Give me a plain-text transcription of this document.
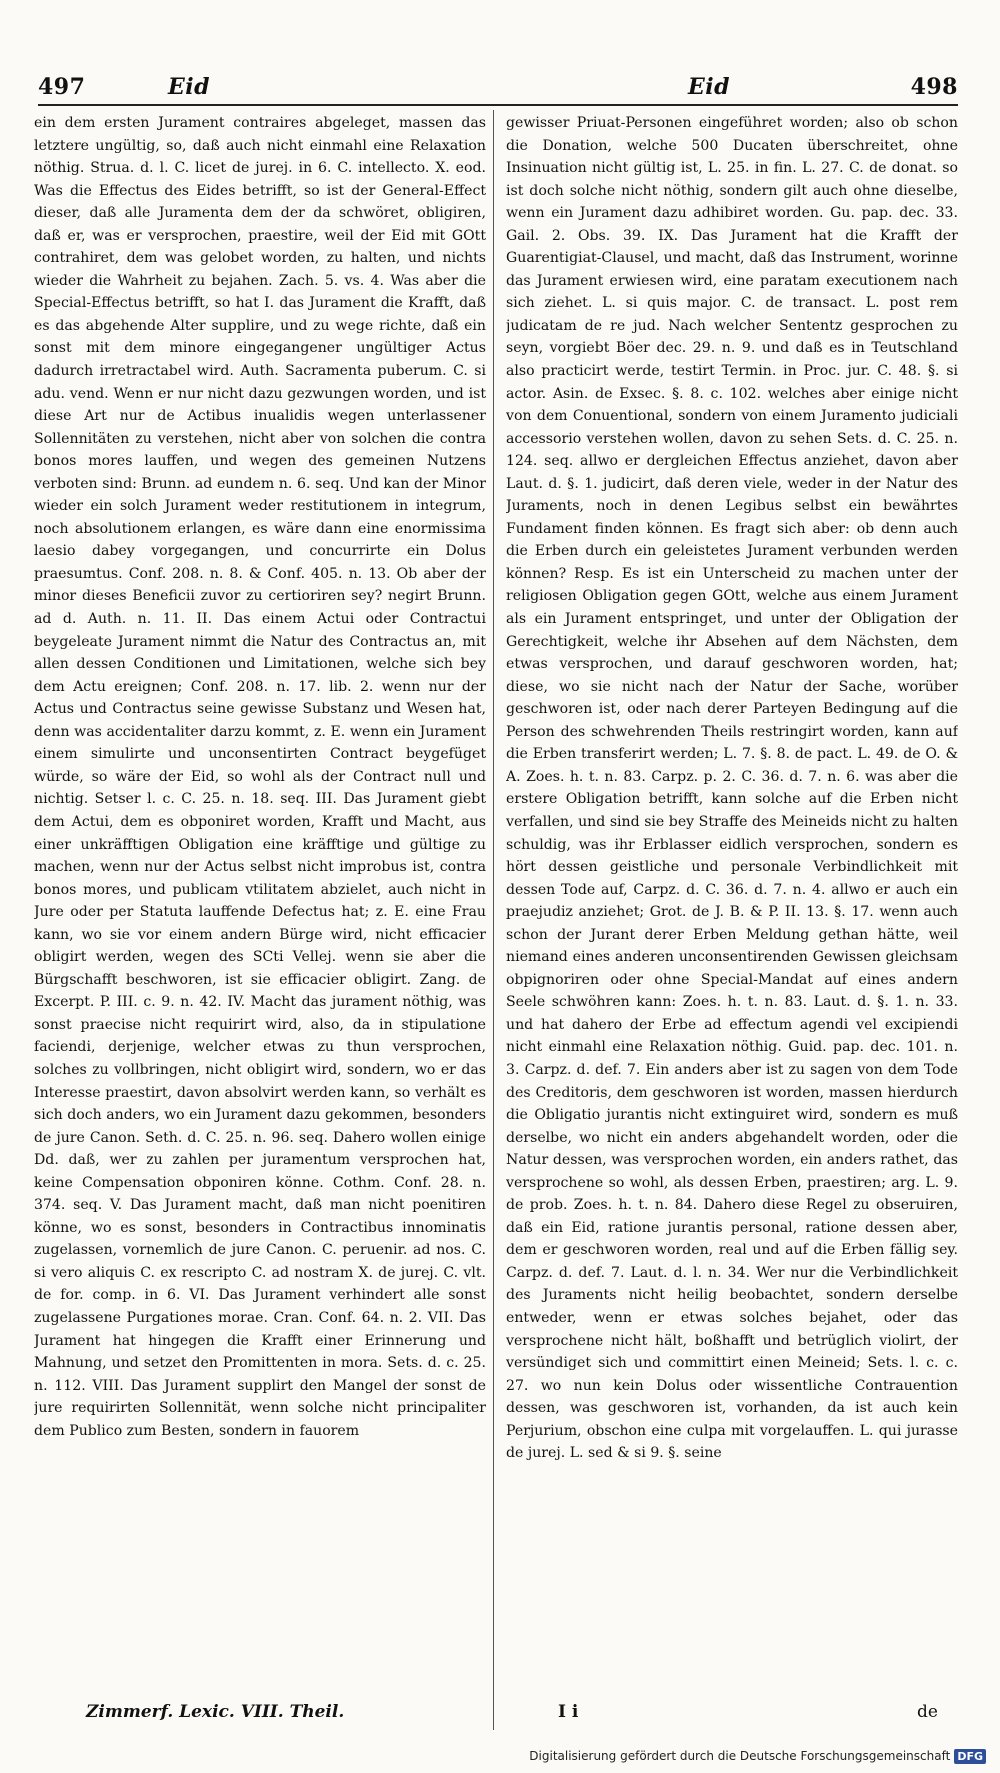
497	Eid	Eid	498
ein dem ersten Jurament contraires abgeleget, massen das letztere ungültig, so, daß auch nicht einmahl eine Relaxation nöthig. Strua. d. l. C. licet de jurej. in 6. C. intellecto. X. eod. Was die Effectus des Eides betrifft, so ist der General-Effect dieser, daß alle Juramenta dem der da schwöret, obligiren, daß er, was er versprochen, praestire, weil der Eid mit GOtt contrahiret, dem was gelobet worden, zu halten, und nichts wieder die Wahrheit zu bejahen. Zach. 5. vs. 4. Was aber die Special-Effectus betrifft, so hat I. das Jurament die Krafft, daß es das abgehende Alter supplire, und zu wege richte, daß ein sonst mit dem minore eingegangener ungültiger Actus dadurch irretractabel wird. Auth. Sacramenta puberum. C. si adu. vend. Wenn er nur nicht dazu gezwungen worden, und ist diese Art nur de Actibus inualidis wegen unterlassener Sollennitäten zu verstehen, nicht aber von solchen die contra bonos mores lauffen, und wegen des gemeinen Nutzens verboten sind: Brunn. ad eundem n. 6. seq. Und kan der Minor wieder ein solch Jurament weder restitutionem in integrum, noch absolutionem erlangen, es wäre dann eine enormissima laesio dabey vorgegangen, und concurrirte ein Dolus praesumtus. Conf. 208. n. 8. & Conf. 405. n. 13. Ob aber der minor dieses Beneficii zuvor zu certioriren sey? negirt Brunn. ad d. Auth. n. 11. II. Das einem Actui oder Contractui beygeleate Jurament nimmt die Natur des Contractus an, mit allen dessen Conditionen und Limitationen, welche sich bey dem Actu ereignen; Conf. 208. n. 17. lib. 2. wenn nur der Actus und Contractus seine gewisse Substanz und Wesen hat, denn was accidentaliter darzu kommt, z. E. wenn ein Jurament einem simulirte und unconsentirten Contract beygefüget würde, so wäre der Eid, so wohl als der Contract null und nichtig. Setser l. c. C. 25. n. 18. seq. III. Das Jurament giebt dem Actui, dem es obponiret worden, Krafft und Macht, aus einer unkräfftigen Obligation eine kräfftige und gültige zu machen, wenn nur der Actus selbst nicht improbus ist, contra bonos mores, und publicam vtilitatem abzielet, auch nicht in Jure oder per Statuta lauffende Defectus hat; z. E. eine Frau kann, wo sie vor einem andern Bürge wird, nicht efficacier obligirt werden, wegen des SCti Vellej. wenn sie aber die Bürgschafft beschworen, ist sie efficacier obligirt. Zang. de Excerpt. P. III. c. 9. n. 42. IV. Macht das jurament nöthig, was sonst praecise nicht requirirt wird, also, da in stipulatione faciendi, derjenige, welcher etwas zu thun versprochen, solches zu vollbringen, nicht obligirt wird, sondern, wo er das Interesse praestirt, davon absolvirt werden kann, so verhält es sich doch anders, wo ein Jurament dazu gekommen, besonders de jure Canon. Seth. d. C. 25. n. 96. seq. Dahero wollen einige Dd. daß, wer zu zahlen per juramentum versprochen hat, keine Compensation obponiren könne. Cothm. Conf. 28. n. 374. seq. V. Das Jurament macht, daß man nicht poenitiren könne, wo es sonst, besonders in Contractibus innominatis zugelassen, vornemlich de jure Canon. C. peruenir. ad nos. C. si vero aliquis C. ex rescripto C. ad nostram X. de jurej. C. vlt. de for. comp. in 6. VI. Das Jurament verhindert alle sonst zugelassene Purgationes morae. Cran. Conf. 64. n. 2. VII. Das Jurament hat hingegen die Krafft einer Erinnerung und Mahnung, und setzet den Promittenten in mora. Sets. d. c. 25. n. 112. VIII. Das Jurament supplirt den Mangel der sonst de jure requirirten Sollennität, wenn solche nicht principaliter dem Publico zum Besten, sondern in fauorem
gewisser Priuat-Personen eingeführet worden; also ob schon die Donation, welche 500 Ducaten überschreitet, ohne Insinuation nicht gültig ist, L. 25. in fin. L. 27. C. de donat. so ist doch solche nicht nöthig, sondern gilt auch ohne dieselbe, wenn ein Jurament dazu adhibiret worden. Gu. pap. dec. 33. Gail. 2. Obs. 39. IX. Das Jurament hat die Krafft der Guarentigiat-Clausel, und macht, daß das Instrument, worinne das Jurament erwiesen wird, eine paratam executionem nach sich ziehet. L. si quis major. C. de transact. L. post rem judicatam de re jud. Nach welcher Sententz gesprochen zu seyn, vorgiebt Böer dec. 29. n. 9. und daß es in Teutschland also practicirt werde, testirt Termin. in Proc. jur. C. 48. §. si actor. Asin. de Exsec. §. 8. c. 102. welches aber einige nicht von dem Conuentional, sondern von einem Juramento judiciali accessorio verstehen wollen, davon zu sehen Sets. d. C. 25. n. 124. seq. allwo er dergleichen Effectus anziehet, davon aber Laut. d. §. 1. judicirt, daß deren viele, weder in der Natur des Juraments, noch in denen Legibus selbst ein bewährtes Fundament finden können. Es fragt sich aber: ob denn auch die Erben durch ein geleistetes Jurament verbunden werden können? Resp. Es ist ein Unterscheid zu machen unter der religiosen Obligation gegen GOtt, welche aus einem Jurament als ein Jurament entspringet, und unter der Obligation der Gerechtigkeit, welche ihr Absehen auf dem Nächsten, dem etwas versprochen, und darauf geschworen worden, hat; diese, wo sie nicht nach der Natur der Sache, worüber geschworen ist, oder nach derer Parteyen Bedingung auf die Person des schwehrenden Theils restringirt worden, kann auf die Erben transferirt werden; L. 7. §. 8. de pact. L. 49. de O. & A. Zoes. h. t. n. 83. Carpz. p. 2. C. 36. d. 7. n. 6. was aber die erstere Obligation betrifft, kann solche auf die Erben nicht verfallen, und sind sie bey Straffe des Meineids nicht zu halten schuldig, was ihr Erblasser eidlich versprochen, sondern es hört dessen geistliche und personale Verbindlichkeit mit dessen Tode auf, Carpz. d. C. 36. d. 7. n. 4. allwo er auch ein praejudiz anziehet; Grot. de J. B. & P. II. 13. §. 17. wenn auch schon der Jurant derer Erben Meldung gethan hätte, weil niemand eines anderen unconsentirenden Gewissen gleichsam obpignoriren oder ohne Special-Mandat auf eines andern Seele schwöhren kann: Zoes. h. t. n. 83. Laut. d. §. 1. n. 33. und hat dahero der Erbe ad effectum agendi vel excipiendi nicht einmahl eine Relaxation nöthig. Guid. pap. dec. 101. n. 3. Carpz. d. def. 7. Ein anders aber ist zu sagen von dem Tode des Creditoris, dem geschworen ist worden, massen hierdurch die Obligatio jurantis nicht extinguiret wird, sondern es muß derselbe, wo nicht ein anders abgehandelt worden, oder die Natur dessen, was versprochen worden, ein anders rathet, das versprochene so wohl, als dessen Erben, praestiren; arg. L. 9. de prob. Zoes. h. t. n. 84. Dahero diese Regel zu obseruiren, daß ein Eid, ratione jurantis personal, ratione dessen aber, dem er geschworen worden, real und auf die Erben fällig sey. Carpz. d. def. 7. Laut. d. l. n. 34. Wer nur die Verbindlichkeit des Juraments nicht heilig beobachtet, sondern derselbe entweder, wenn er etwas solches bejahet, oder das versprochene nicht hält, boßhafft und betrüglich violirt, der versündiget sich und committirt einen Meineid; Sets. l. c. c. 27. wo nun kein Dolus oder wissentliche Contrauention dessen, was geschworen ist, vorhanden, da ist auch kein Perjurium, obschon eine culpa mit vorgelauffen. L. qui jurasse de jurej. L. sed & si 9. §. seine
Zimmerf. Lexic. VIII. Theil.	I i	de
Digitalisierung gefördert durch die Deutsche Forschungsgemeinschaft DFG
